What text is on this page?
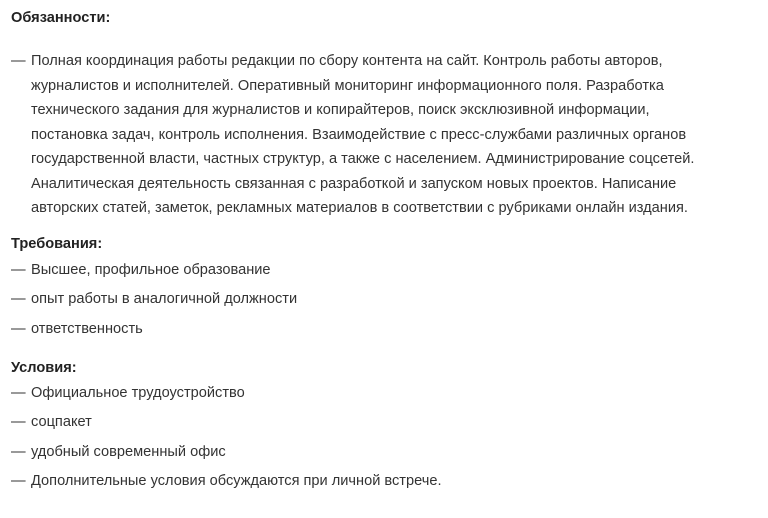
Обязанности:
— Полная координация работы редакции по сбору контента на сайт. Контроль работы авторов,
журналистов и исполнителей. Оперативный мониторинг информационного поля. Разработка
технического задания для журналистов и копирайтеров, поиск эксклюзивной информации,
постановка задач, контроль исполнения. Взаимодействие с пресс-службами различных органов
государственной власти, частных структур, а также с населением. Администрирование соцсетей.
Аналитическая деятельность связанная с разработкой и запуском новых проектов. Написание
авторских статей, заметок, рекламных материалов в соответствии с рубриками онлайн издания.
Требования:
— Высшее, профильное образование
— опыт работы в аналогичной должности
— ответственность
Условия:
— Официальное трудоустройство
— соцпакет
— удобный современный офис
— Дополнительные условия обсуждаются при личной встрече.
